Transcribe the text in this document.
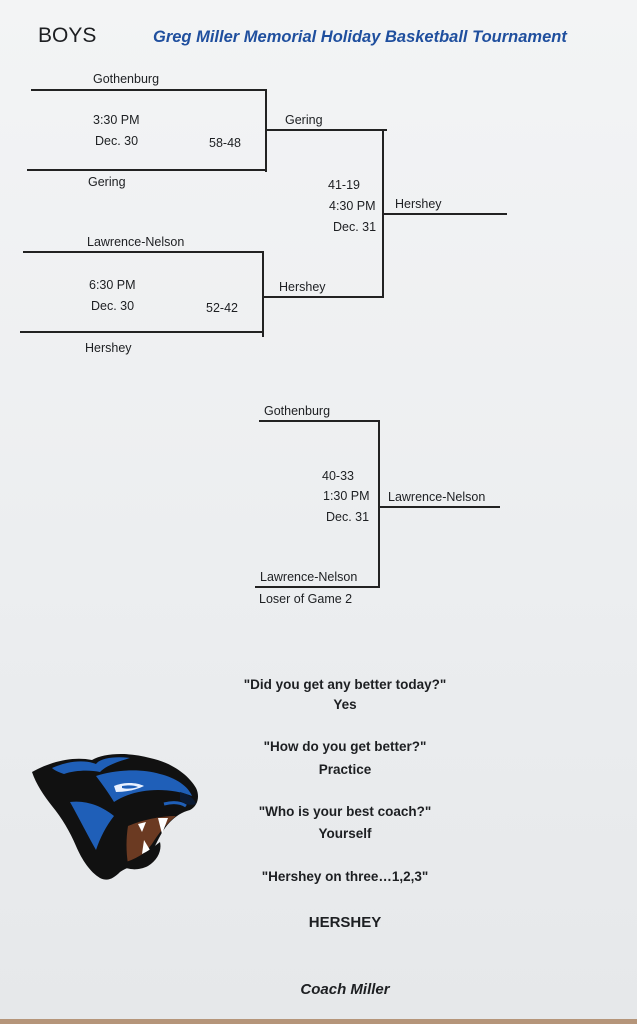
BOYS	Greg Miller Memorial Holiday Basketball Tournament
Gothenburg
3:30 PM
Dec. 30	58-48
Gering
Gering
Lawrence-Nelson
6:30 PM
Dec. 30	52-42
Hershey
Hershey
41-19
4:30 PM
Dec. 31
Hershey
Gothenburg
40-33
1:30 PM
Dec. 31
Lawrence-Nelson
Lawrence-Nelson
Loser of Game 2
"Did you get any better today?"
Yes
"How do you get better?"
Practice
"Who is your best coach?"
Yourself
"Hershey on three…1,2,3"
HERSHEY
Coach Miller
